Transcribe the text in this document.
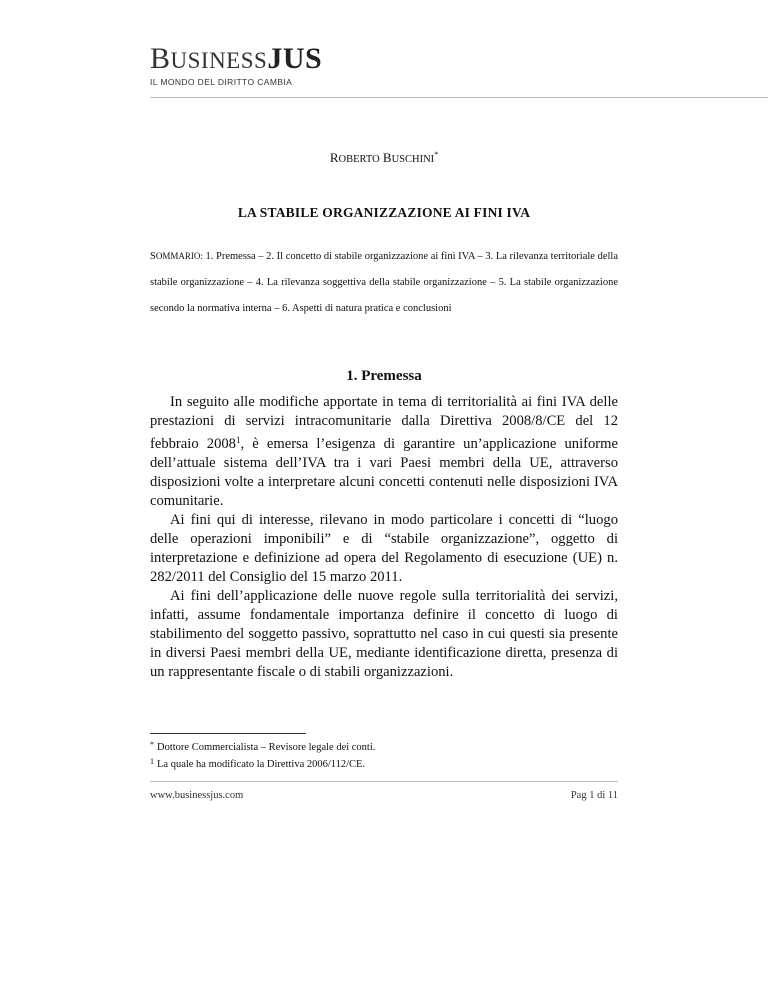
BUSINESSJUS
IL MONDO DEL DIRITTO CAMBIA
ROBERTO BUSCHINI*
LA STABILE ORGANIZZAZIONE AI FINI IVA
SOMMARIO: 1. Premessa – 2. Il concetto di stabile organizzazione ai fini IVA – 3. La rilevanza territoriale della stabile organizzazione – 4. La rilevanza soggettiva della stabile organizzazione – 5. La stabile organizzazione secondo la normativa interna – 6. Aspetti di natura pratica e conclusioni
1. Premessa

In seguito alle modifiche apportate in tema di territorialità ai fini IVA delle prestazioni di servizi intracomunitarie dalla Direttiva 2008/8/CE del 12 febbraio 2008$^1$, è emersa l’esigenza di garantire un’applicazione uniforme dell’attuale sistema dell’IVA tra i vari Paesi membri della UE, attraverso disposizioni volte a interpretare alcuni concetti contenuti nelle disposizioni IVA comunitarie.

Ai fini qui di interesse, rilevano in modo particolare i concetti di “luogo delle operazioni imponibili” e di “stabile organizzazione”, oggetto di interpretazione e definizione ad opera del Regolamento di esecuzione (UE) n. 282/2011 del Consiglio del 15 marzo 2011.

Ai fini dell’applicazione delle nuove regole sulla territorialità dei servizi, infatti, assume fondamentale importanza definire il concetto di luogo di stabilimento del soggetto passivo, soprattutto nel caso in cui questi sia presente in diversi Paesi membri della UE, mediante identificazione diretta, presenza di un rappresentante fiscale o di stabili organizzazioni.

* Dottore Commercialista – Revisore legale dei conti.

$^1$ La quale ha modificato la Direttiva 2006/112/CE.

www.businessjus.com	Pag 1 di 11
